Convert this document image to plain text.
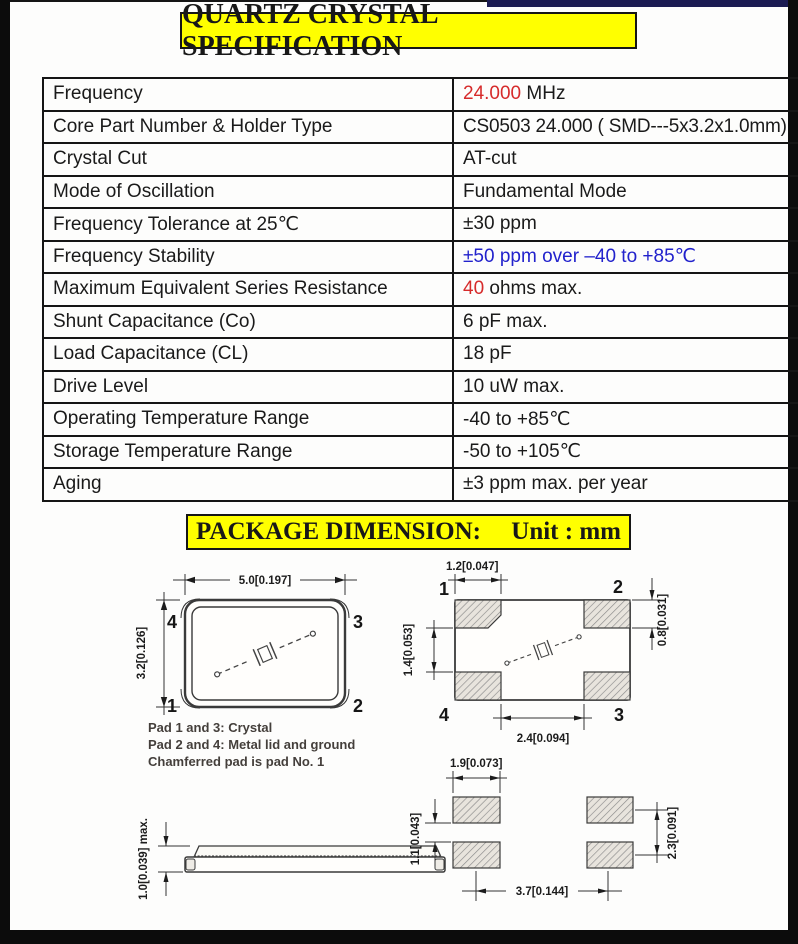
QUARTZ CRYSTAL SPECIFICATION
Frequency	24.000 MHz
Core Part Number & Holder Type	CS0503 24.000 ( SMD---5x3.2x1.0mm)
Crystal Cut	AT-cut
Mode of Oscillation	Fundamental Mode
Frequency Tolerance at 25℃	±30 ppm
Frequency Stability	±50 ppm over –40 to +85℃
Maximum Equivalent Series Resistance	40 ohms max.
Shunt Capacitance (Co)	6 pF max.
Load Capacitance (CL)	18 pF
Drive Level	10 uW max.
Operating Temperature Range	-40 to +85℃
Storage Temperature Range	-50 to +105℃
Aging	±3 ppm max. per year
PACKAGE DIMENSION: Unit : mm
5.0[0.197]
3.2[0.126]
4	3
1	2
1.2[0.047]
0.8[0.031]
1.4[0.053]
2.4[0.094]
1	2
4	3
Pad 1 and 3: Crystal
Pad 2 and 4: Metal lid and ground
Chamferred pad is pad No. 1
1.0[0.039] max.
1.9[0.073]
2.3[0.091]
1.1[0.043]
3.7[0.144]
